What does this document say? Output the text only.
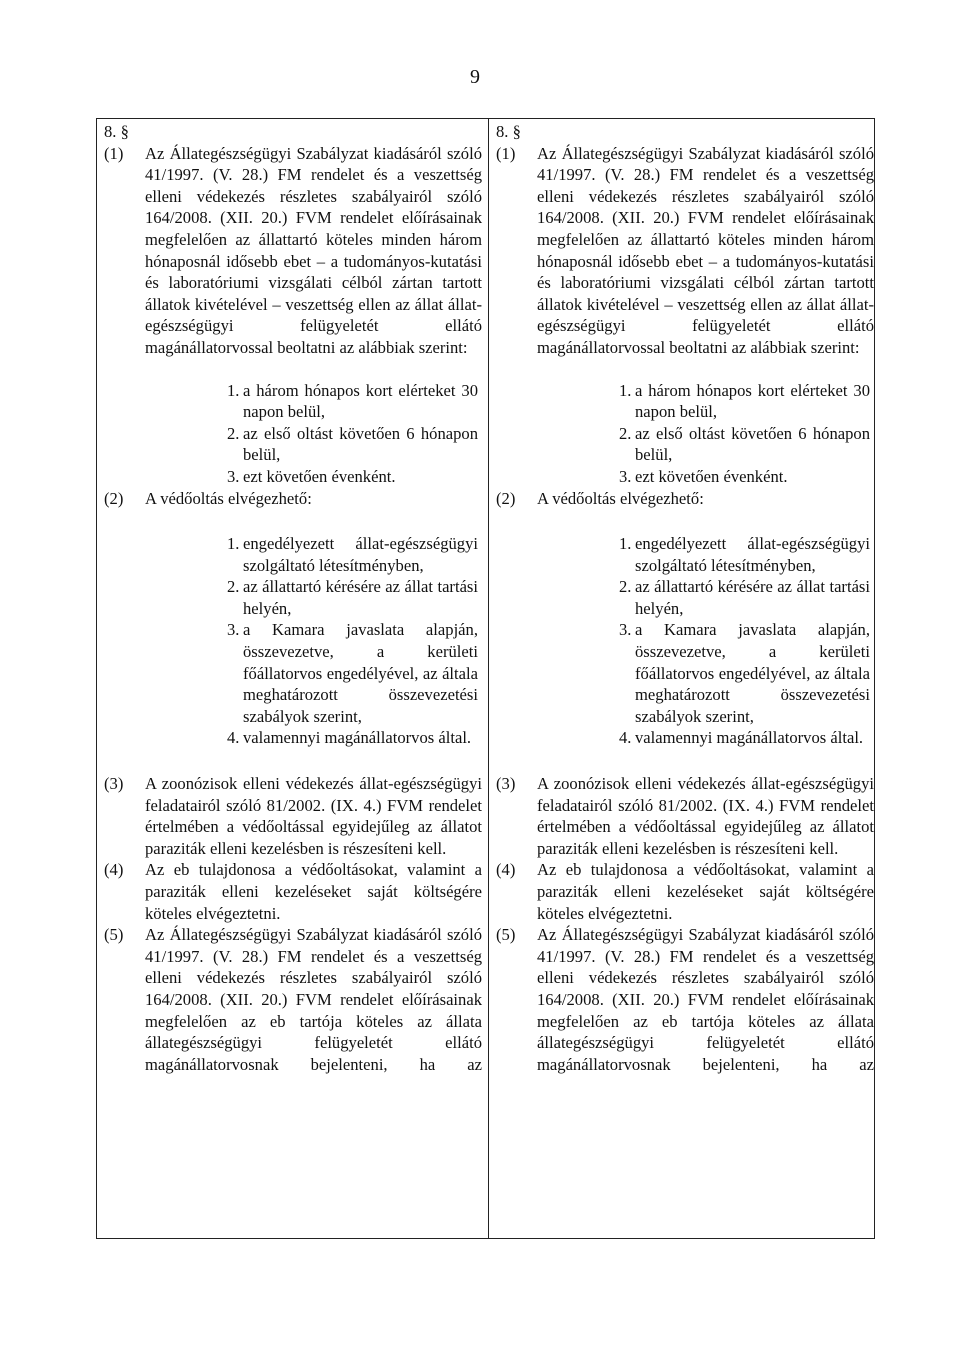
9

8. §

(1)	Az Állategészségügyi Szabályzat kiadásáról szóló 41/1997. (V. 28.) FM rendelet és a veszettség elleni védekezés részletes szabályairól szóló 164/2008. (XII. 20.) FVM rendelet előírásainak megfelelően az állattartó köteles minden három hónaposnál idősebb ebet – a tudományos-kutatási és laboratóriumi vizsgálati célból zártan tartott állatok kivételével – veszettség ellen az állat állat-egészségügyi felügyeletét ellátó magánállatorvossal beoltatni az alábbiak szerint:
1. a három hónapos kort elérteket 30 napon belül,
2. az első oltást követően 6 hónapon belül,
3. ezt követően évenként.
(2)	A védőoltás elvégezhető:
1. engedélyezett állat-egészségügyi szolgáltató létesítményben,
2. az állattartó kérésére az állat tartási helyén,
3. a Kamara javaslata alapján, összevezetve, a kerületi főállatorvos engedélyével, az általa meghatározott összevezetési szabályok szerint,
4. valamennyi magánállatorvos által.
(3)	A zoonózisok elleni védekezés állat-egészségügyi feladatairól szóló 81/2002. (IX. 4.) FVM rendelet értelmében a védőoltással egyidejűleg az állatot paraziták elleni kezelésben is részesíteni kell.
(4)	Az eb tulajdonosa a védőoltásokat, valamint a paraziták elleni kezeléseket saját költségére köteles elvégeztetni.
(5)	Az Állategészségügyi Szabályzat kiadásáról szóló 41/1997. (V. 28.) FM rendelet és a veszettség elleni védekezés részletes szabályairól szóló 164/2008. (XII. 20.) FVM rendelet előírásainak megfelelően az eb tartója köteles az állata állategészségügyi felügyeletét ellátó magánállatorvosnak bejelenteni, ha az

8. §

(1)	Az Állategészségügyi Szabályzat kiadásáról szóló 41/1997. (V. 28.) FM rendelet és a veszettség elleni védekezés részletes szabályairól szóló 164/2008. (XII. 20.) FVM rendelet előírásainak megfelelően az állattartó köteles minden három hónaposnál idősebb ebet – a tudományos-kutatási és laboratóriumi vizsgálati célból zártan tartott állatok kivételével – veszettség ellen az állat állat-egészségügyi felügyeletét ellátó magánállatorvossal beoltatni az alábbiak szerint:
1. a három hónapos kort elérteket 30 napon belül,
2. az első oltást követően 6 hónapon belül,
3. ezt követően évenként.
(2)	A védőoltás elvégezhető:
1. engedélyezett állat-egészségügyi szolgáltató létesítményben,
2. az állattartó kérésére az állat tartási helyén,
3. a Kamara javaslata alapján, összevezetve, a kerületi főállatorvos engedélyével, az általa meghatározott összevezetési szabályok szerint,
4. valamennyi magánállatorvos által.
(3)	A zoonózisok elleni védekezés állat-egészségügyi feladatairól szóló 81/2002. (IX. 4.) FVM rendelet értelmében a védőoltással egyidejűleg az állatot paraziták elleni kezelésben is részesíteni kell.
(4)	Az eb tulajdonosa a védőoltásokat, valamint a paraziták elleni kezeléseket saját költségére köteles elvégeztetni.
(5)	Az Állategészségügyi Szabályzat kiadásáról szóló 41/1997. (V. 28.) FM rendelet és a veszettség elleni védekezés részletes szabályairól szóló 164/2008. (XII. 20.) FVM rendelet előírásainak megfelelően az eb tartója köteles az állata állategészségügyi felügyeletét ellátó magánállatorvosnak bejelenteni, ha az
